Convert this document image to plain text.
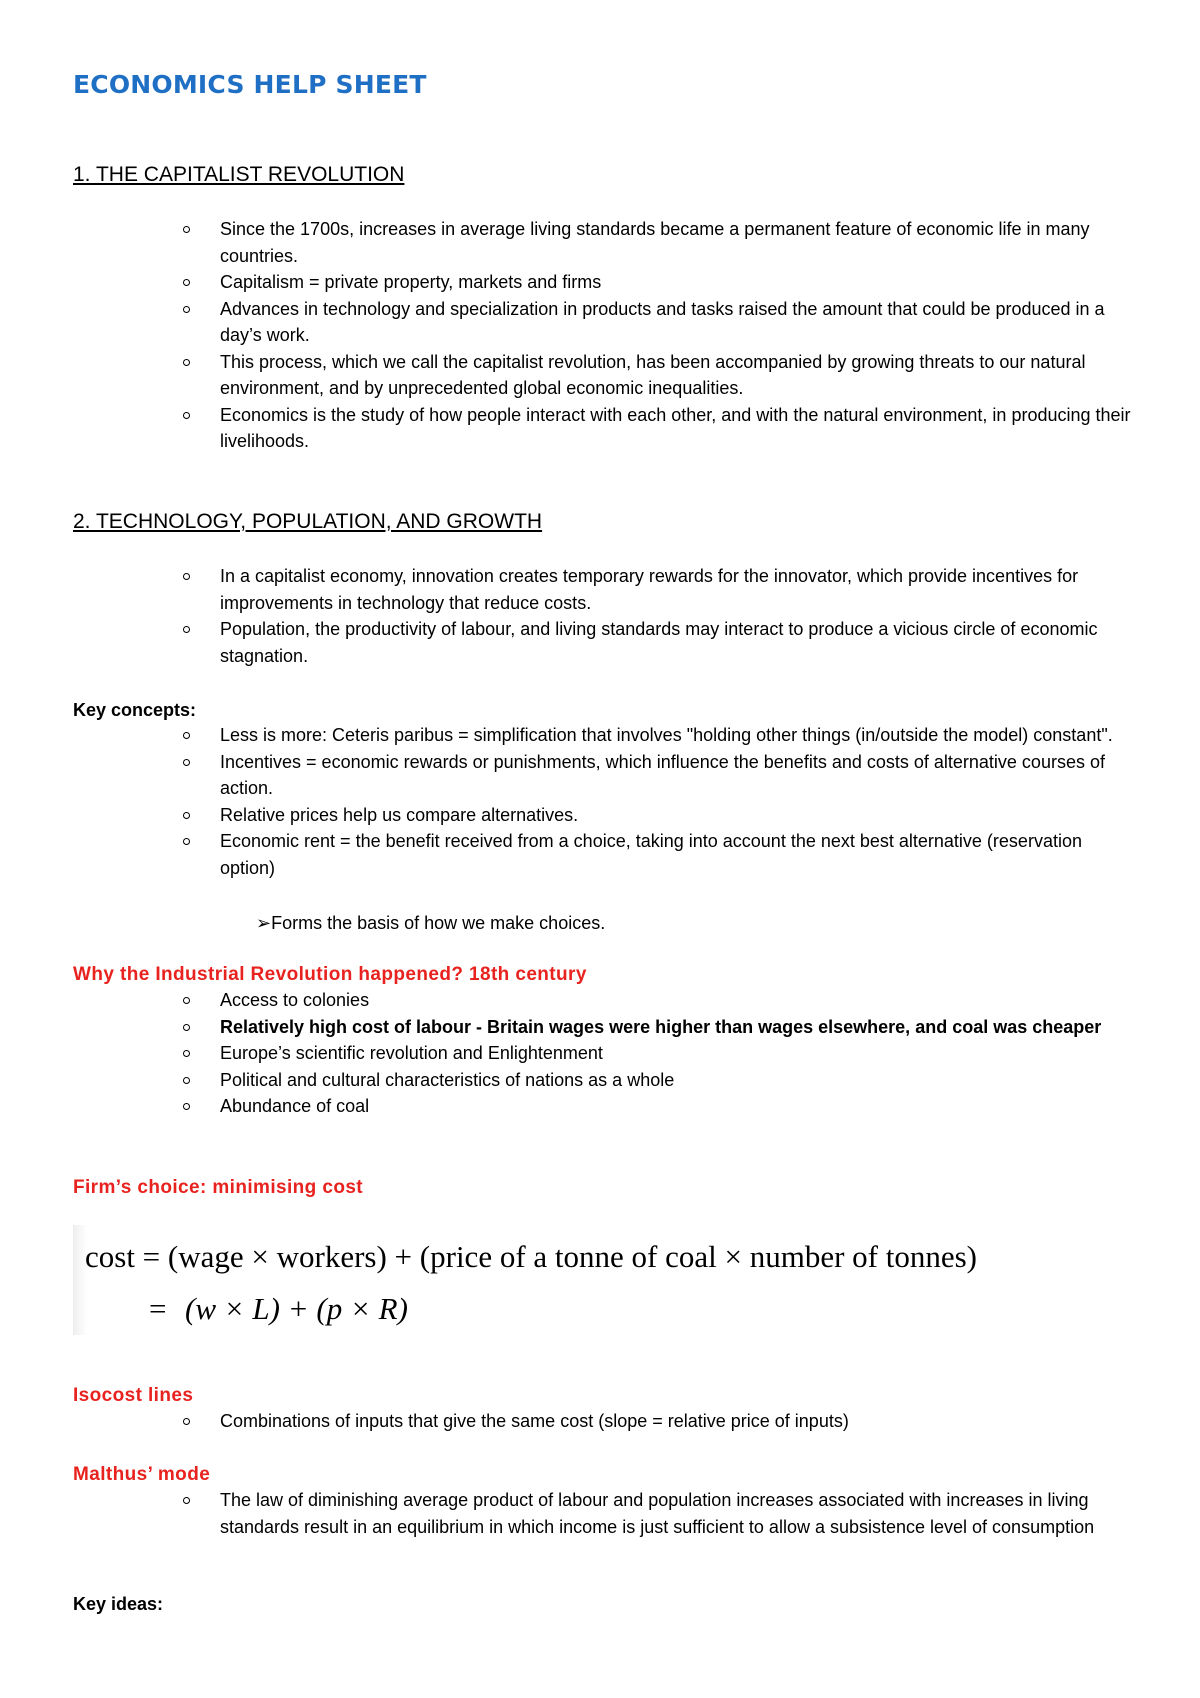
ECONOMICS HELP SHEET
1. THE CAPITALIST REVOLUTION
Since the 1700s, increases in average living standards became a permanent feature of economic life in many countries.
Capitalism = private property, markets and firms
Advances in technology and specialization in products and tasks raised the amount that could be produced in a day’s work.
This process, which we call the capitalist revolution, has been accompanied by growing threats to our natural environment, and by unprecedented global economic inequalities.
Economics is the study of how people interact with each other, and with the natural environment, in producing their livelihoods.
2. TECHNOLOGY, POPULATION, AND GROWTH
In a capitalist economy, innovation creates temporary rewards for the innovator, which provide incentives for improvements in technology that reduce costs.
Population, the productivity of labour, and living standards may interact to produce a vicious circle of economic stagnation.
Key concepts:
Less is more: Ceteris paribus = simplification that involves "holding other things (in/outside the model) constant".
Incentives = economic rewards or punishments, which influence the benefits and costs of alternative courses of action.
Relative prices help us compare alternatives.
Economic rent = the benefit received from a choice, taking into account the next best alternative (reservation option)
➢Forms the basis of how we make choices.
Why the Industrial Revolution happened? 18th century
Access to colonies
Relatively high cost of labour - Britain wages were higher than wages elsewhere, and coal was cheaper
Europe’s scientific revolution and Enlightenment
Political and cultural characteristics of nations as a whole
Abundance of coal
Firm’s choice: minimising cost
cost = (wage × workers) + (price of a tonne of coal × number of tonnes)
= (w × L) + (p × R)
Isocost lines
Combinations of inputs that give the same cost (slope = relative price of inputs)
Malthus’ mode
The law of diminishing average product of labour and population increases associated with increases in living standards result in an equilibrium in which income is just sufficient to allow a subsistence level of consumption
Key ideas:
